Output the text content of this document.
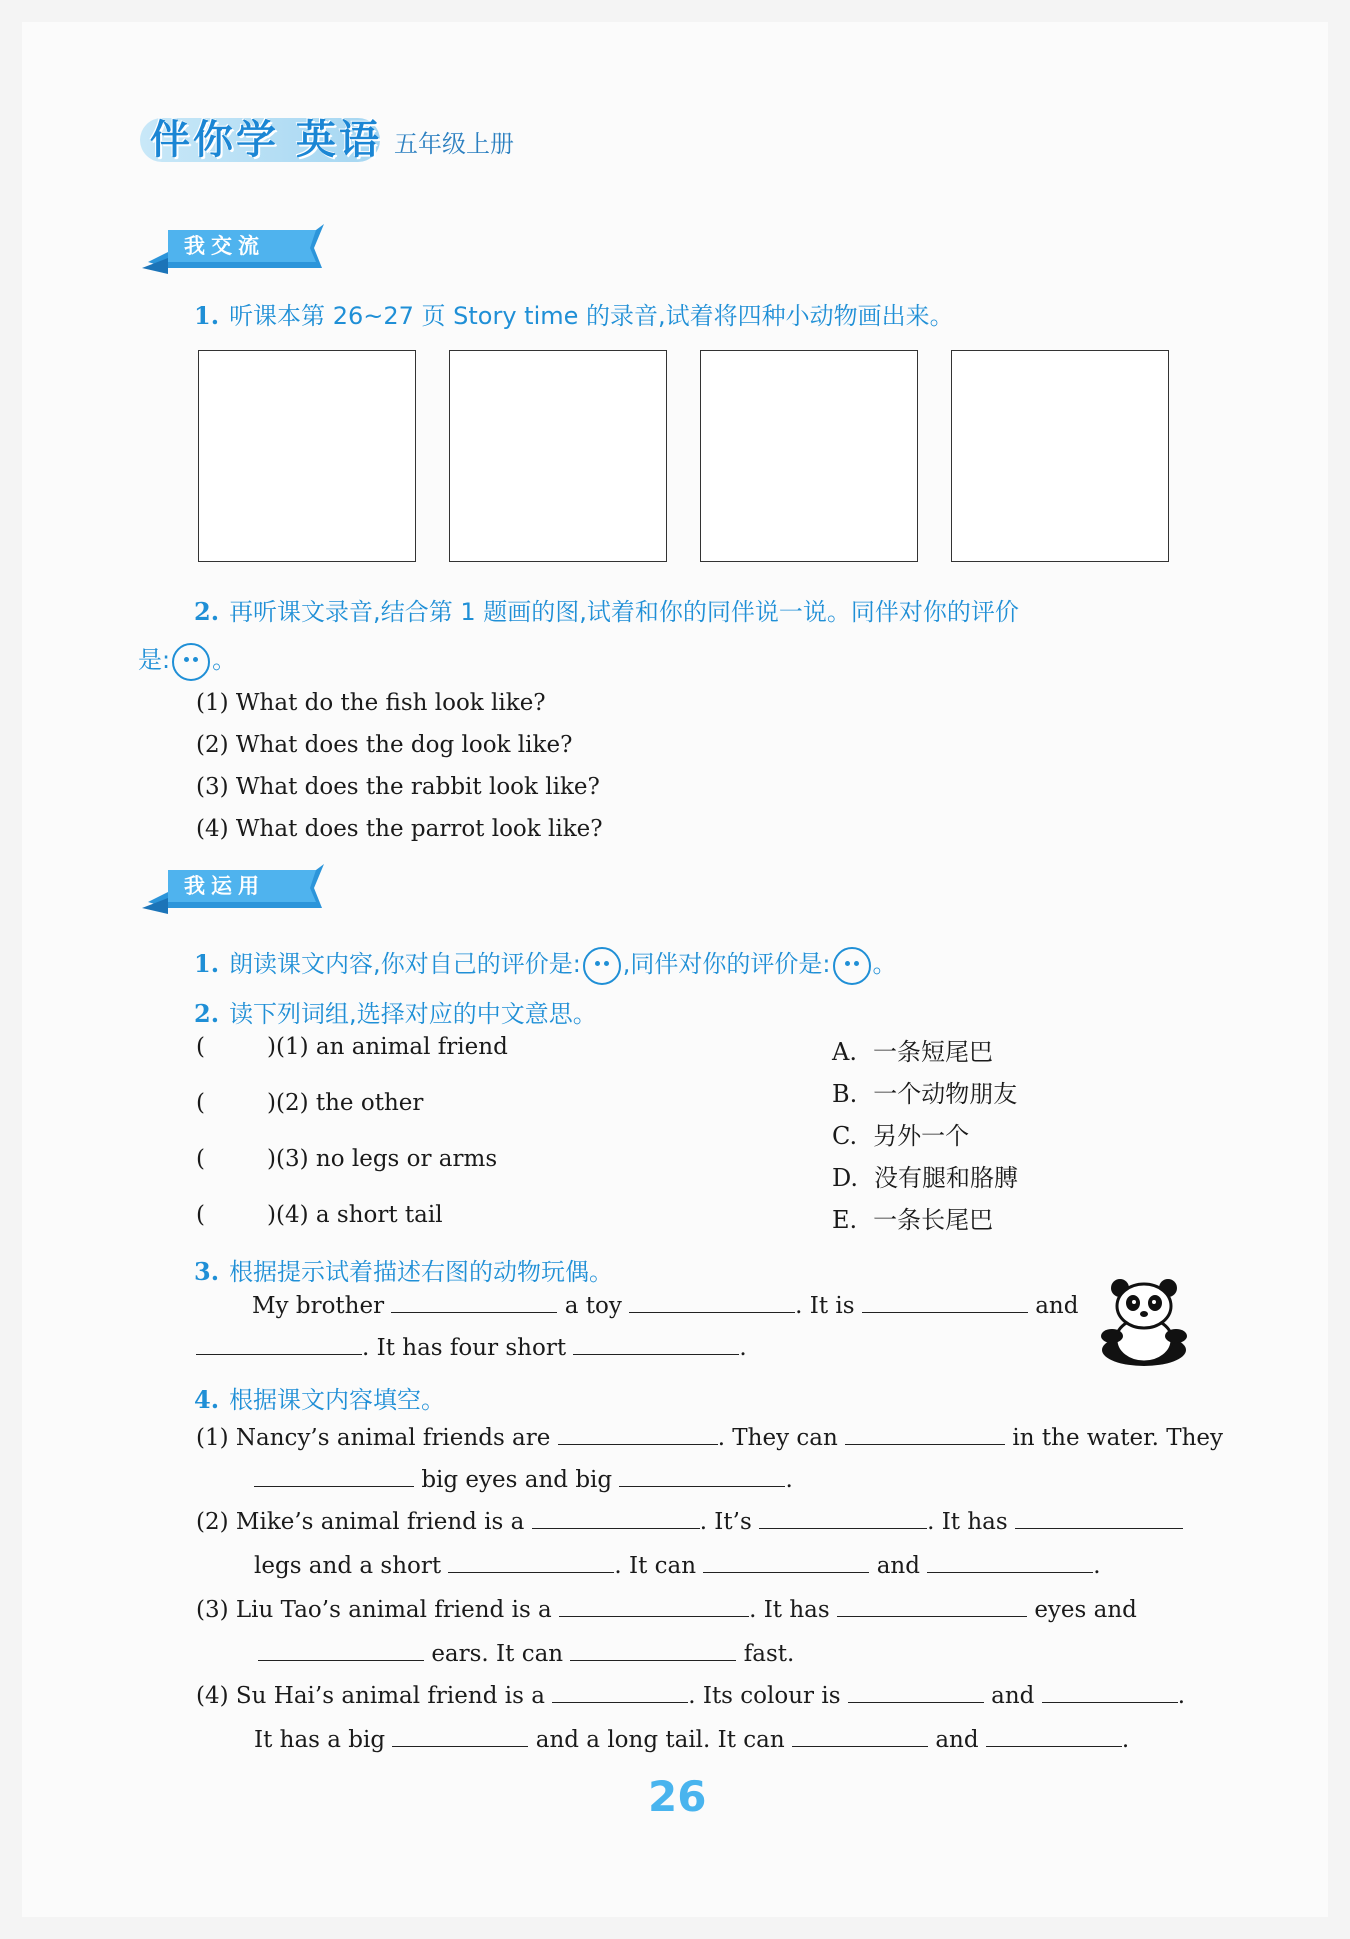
伴你学 英语 五年级上册
我交流
1. 听课本第 26~27 页 Story time 的录音,试着将四种小动物画出来。
2. 再听课文录音,结合第 1 题画的图,试着和你的同伴说一说。同伴对你的评价
是: 。
(1) What do the fish look like?
(2) What does the dog look like?
(3) What does the rabbit look like?
(4) What does the parrot look like?
我运用
1. 朗读课文内容,你对自己的评价是: ,同伴对你的评价是: 。
2. 读下列词组,选择对应的中文意思。
(	)(1) an animal friend
(	)(2) the other
(	)(3) no legs or arms
(	)(4) a short tail
A. 一条短尾巴
B. 一个动物朋友
C. 另外一个
D. 没有腿和胳膊
E. 一条长尾巴
3. 根据提示试着描述右图的动物玩偶。
My brother	a toy	. It is	and
. It has four short	.
4. 根据课文内容填空。
(1) Nancy’s animal friends are	. They can	in the water. They
big eyes and big	.
(2) Mike’s animal friend is a	. It’s	. It has
legs and a short	. It can	and	.
(3) Liu Tao’s animal friend is a	. It has	eyes and
ears. It can	fast.
(4) Su Hai’s animal friend is a	. Its colour is	and	.
It has a big	and a long tail. It can	and	.
26
